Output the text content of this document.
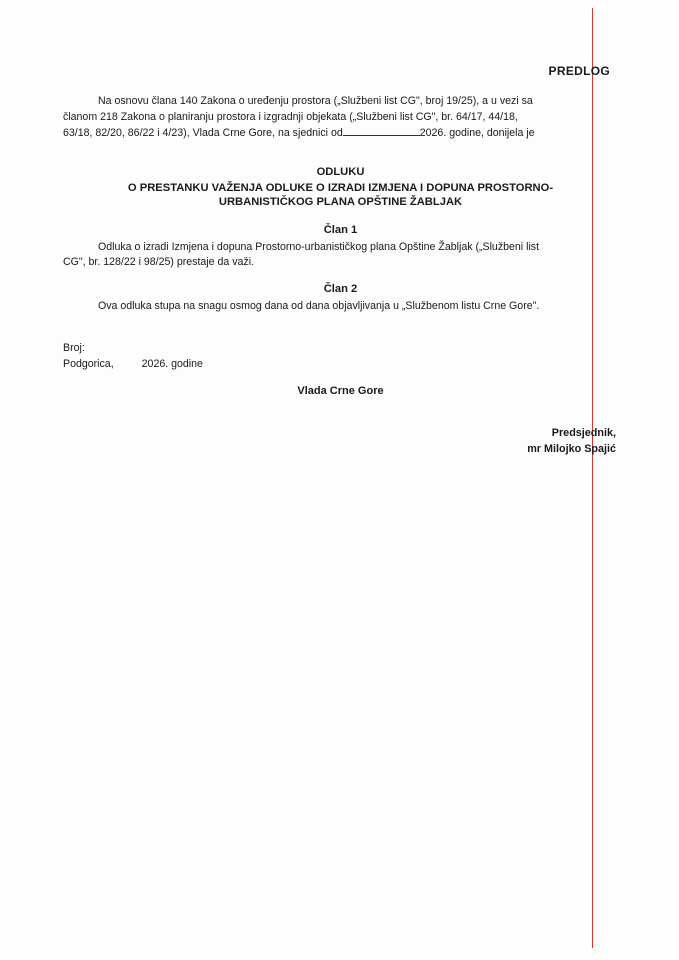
PREDLOG
Na osnovu člana 140 Zakona o uređenju prostora („Službeni list CG", broj 19/25), a u vezi sa
članom 218 Zakona o planiranju prostora i izgradnji objekata („Službeni list CG", br. 64/17, 44/18,
63/18, 82/20, 86/22 i 4/23), Vlada Crne Gore, na sjednici od	2026. godine, donijela je
ODLUKU
O PRESTANKU VAŽENJA ODLUKE O IZRADI IZMJENA I DOPUNA PROSTORNO-
URBANISTIČKOG PLANA OPŠTINE ŽABLJAK
Član 1
Odluka o izradi Izmjena i dopuna Prostorno-urbanističkog plana Opštine Žabljak („Službeni list
CG", br. 128/22 i 98/25) prestaje da važi.
Član 2
Ova odluka stupa na snagu osmog dana od dana objavljivanja u „Službenom listu Crne Gore".
Broj:
Podgorica,	2026. godine
Vlada Crne Gore
Predsjednik,
mr Milojko Spajić
